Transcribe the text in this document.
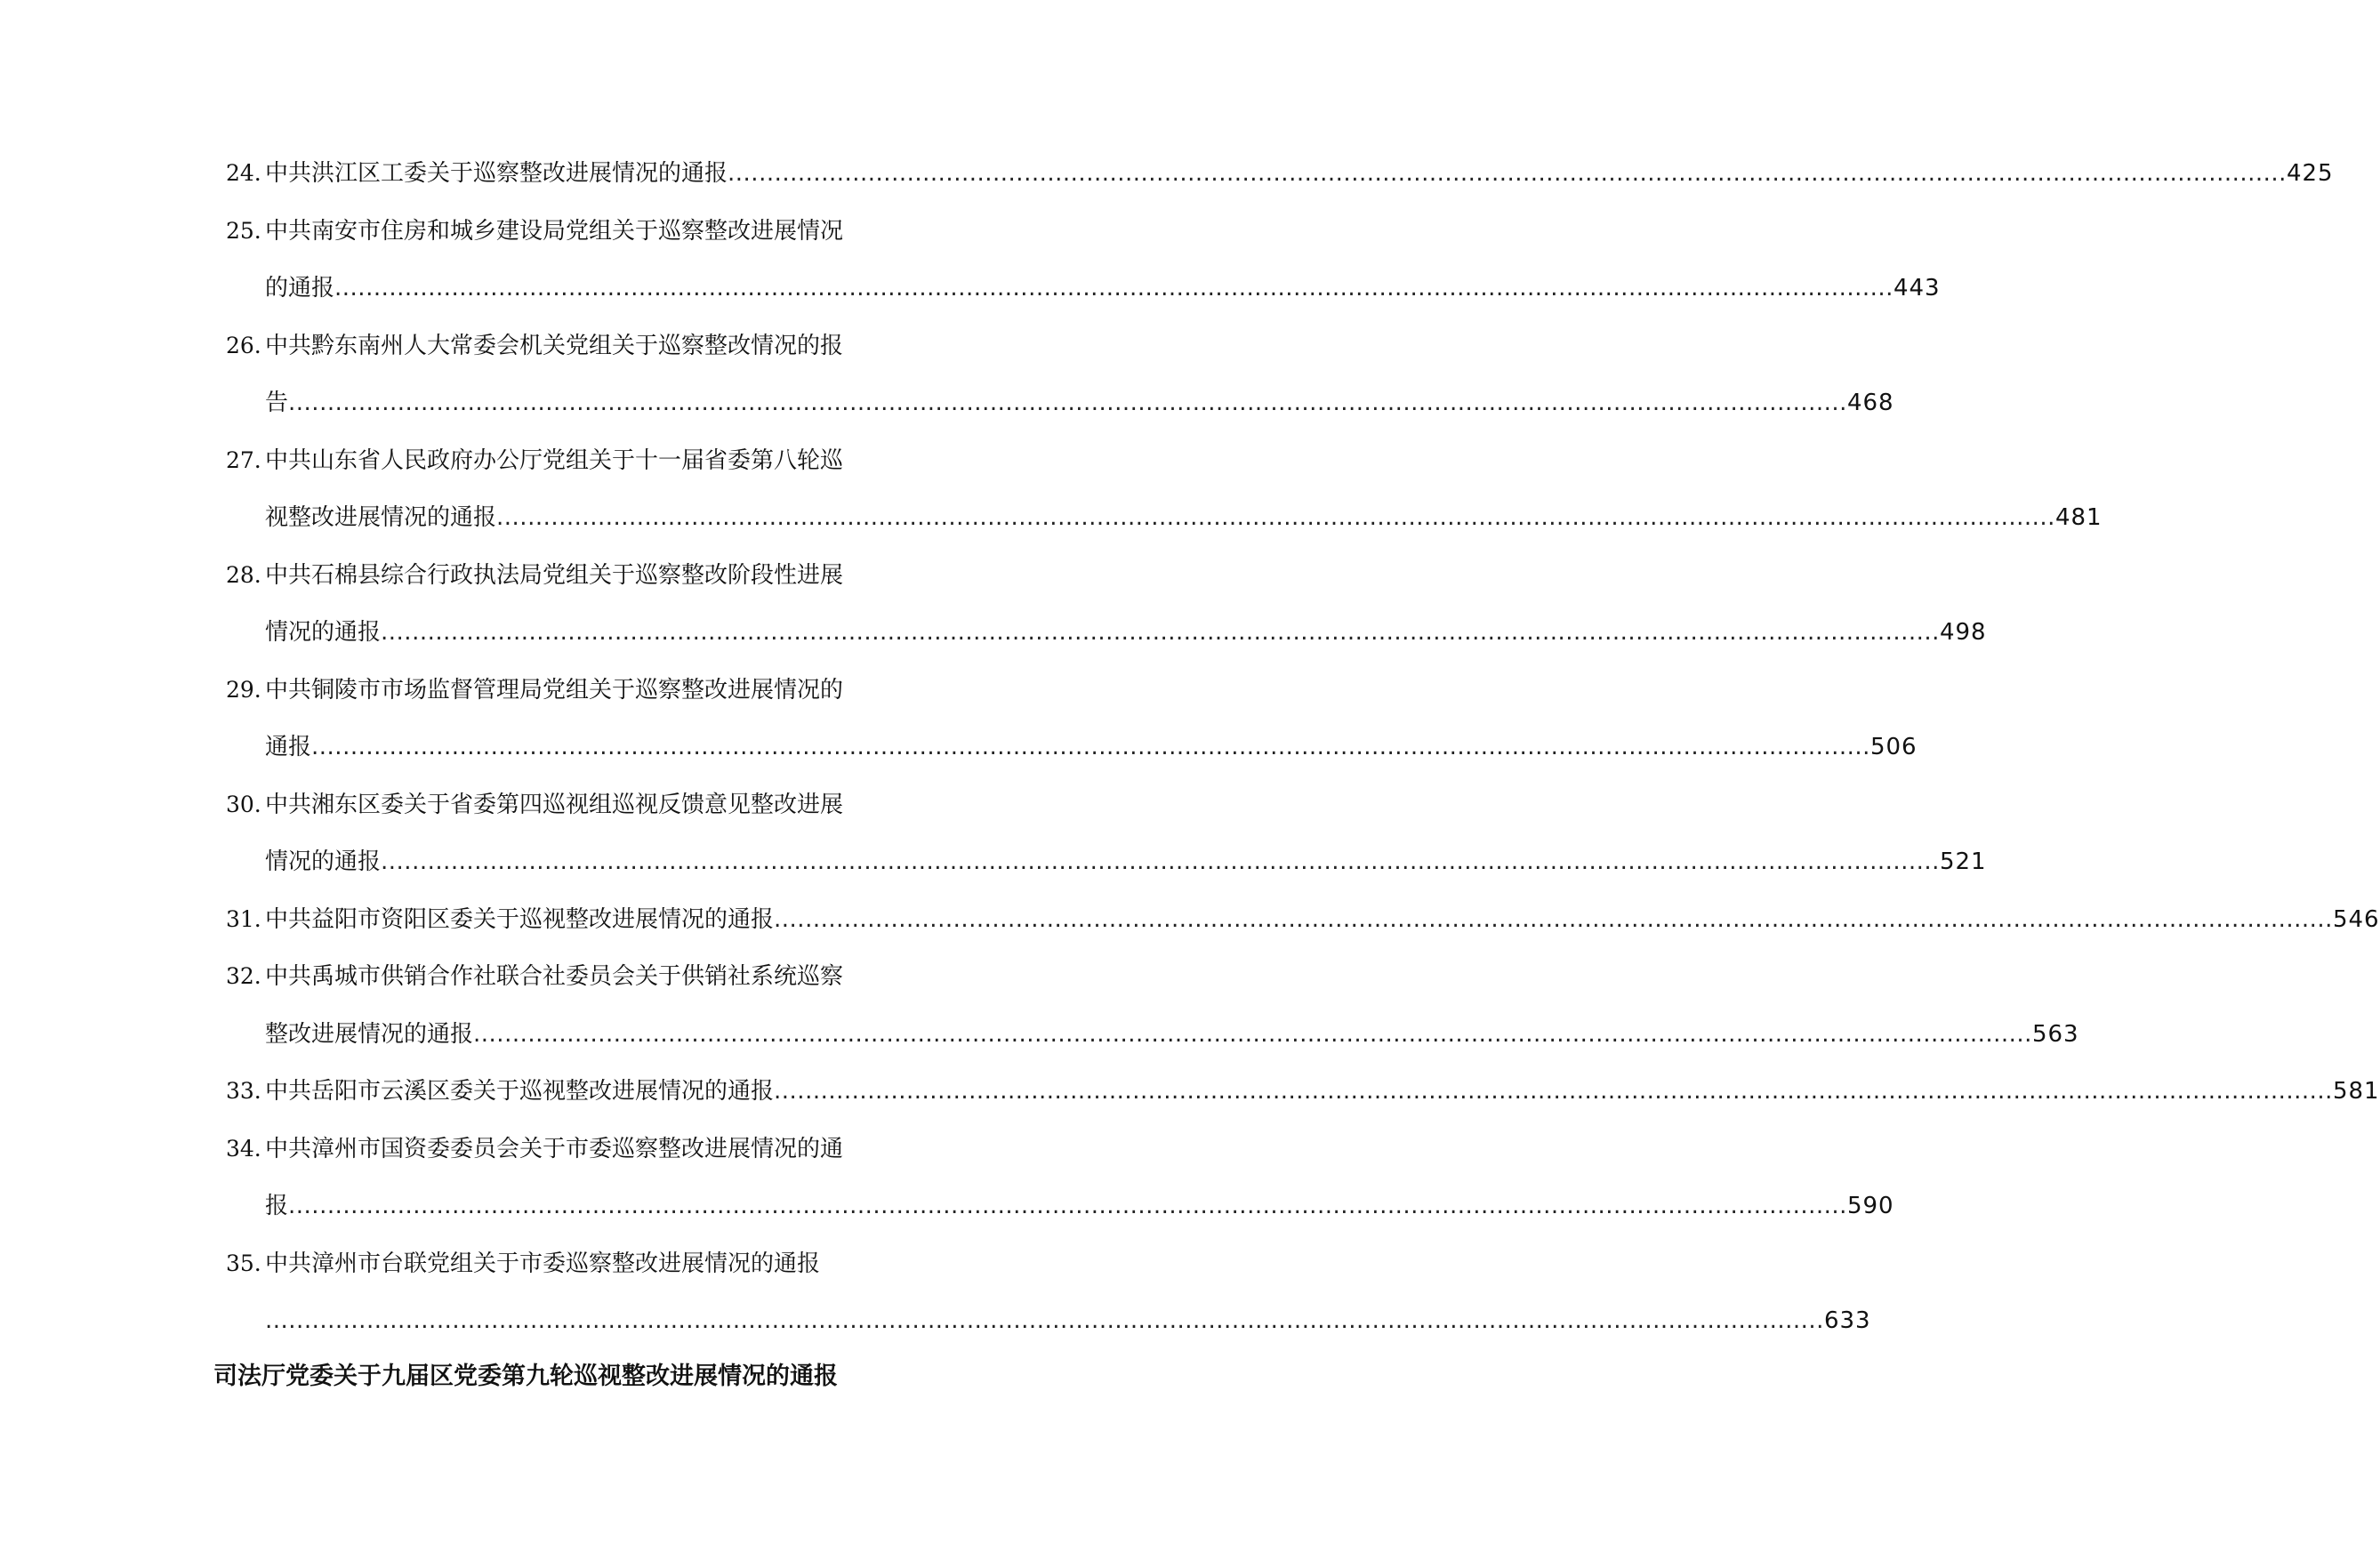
24. 中共洪江区工委关于巡察整改进展情况的通报 ........................................................................................................................................................................................................ 425
25. 中共南安市住房和城乡建设局党组关于巡察整改进展情况
的通报 ........................................................................................................................................................................................................ 443
26. 中共黔东南州人大常委会机关党组关于巡察整改情况的报
告 ........................................................................................................................................................................................................ 468
27. 中共山东省人民政府办公厅党组关于十一届省委第八轮巡
视整改进展情况的通报 ........................................................................................................................................................................................................ 481
28. 中共石棉县综合行政执法局党组关于巡察整改阶段性进展
情况的通报 ........................................................................................................................................................................................................ 498
29. 中共铜陵市市场监督管理局党组关于巡察整改进展情况的
通报 ........................................................................................................................................................................................................ 506
30. 中共湘东区委关于省委第四巡视组巡视反馈意见整改进展
情况的通报 ........................................................................................................................................................................................................ 521
31. 中共益阳市资阳区委关于巡视整改进展情况的通报 ........................................................................................................................................................................................................ 546
32. 中共禹城市供销合作社联合社委员会关于供销社系统巡察
整改进展情况的通报 ........................................................................................................................................................................................................ 563
33. 中共岳阳市云溪区委关于巡视整改进展情况的通报 ........................................................................................................................................................................................................ 581
34. 中共漳州市国资委委员会关于市委巡察整改进展情况的通
报 ........................................................................................................................................................................................................ 590
35. 中共漳州市台联党组关于市委巡察整改进展情况的通报
........................................................................................................................................................................................................ 633
司法厅党委关于九届区党委第九轮巡视整改进展情况的通报
